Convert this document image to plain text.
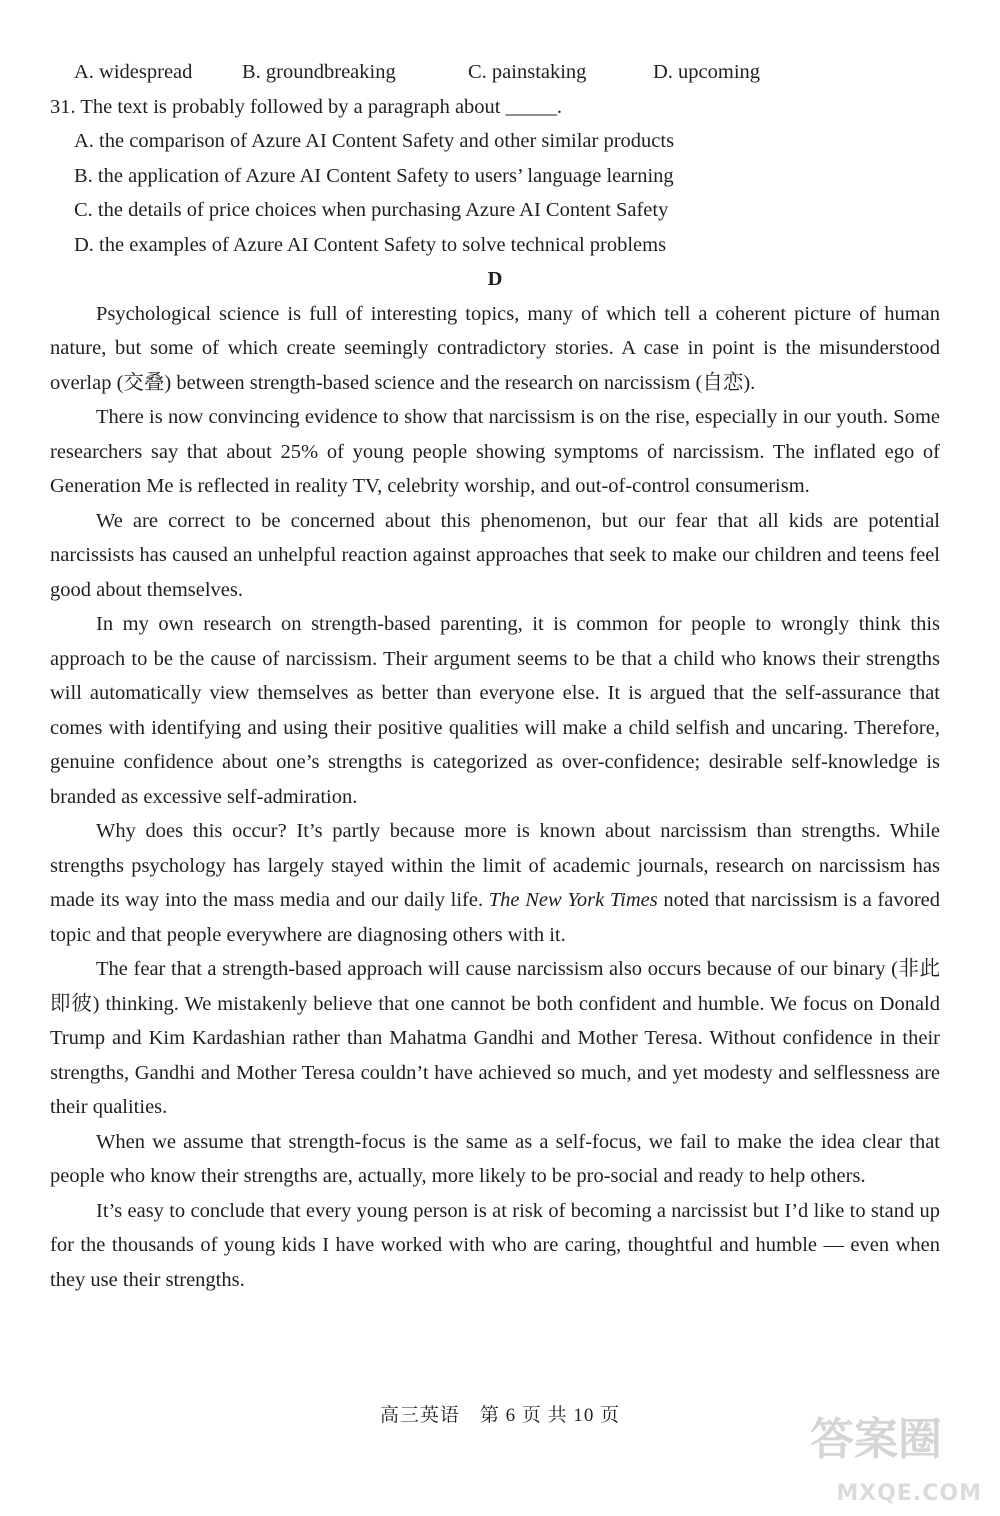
A. widespread	B. groundbreaking	C. painstaking	D. upcoming
31. The text is probably followed by a paragraph about _____.
A. the comparison of Azure AI Content Safety and other similar products
B. the application of Azure AI Content Safety to users’ language learning
C. the details of price choices when purchasing Azure AI Content Safety
D. the examples of Azure AI Content Safety to solve technical problems
D

Psychological science is full of interesting topics, many of which tell a coherent picture of human nature, but some of which create seemingly contradictory stories. A case in point is the misunderstood overlap (交叠) between strength-based science and the research on narcissism (自恋).

There is now convincing evidence to show that narcissism is on the rise, especially in our youth. Some researchers say that about 25% of young people showing symptoms of narcissism. The inflated ego of Generation Me is reflected in reality TV, celebrity worship, and out-of-control consumerism.

We are correct to be concerned about this phenomenon, but our fear that all kids are potential narcissists has caused an unhelpful reaction against approaches that seek to make our children and teens feel good about themselves.

In my own research on strength-based parenting, it is common for people to wrongly think this approach to be the cause of narcissism. Their argument seems to be that a child who knows their strengths will automatically view themselves as better than everyone else. It is argued that the self-assurance that comes with identifying and using their positive qualities will make a child selfish and uncaring. Therefore, genuine confidence about one’s strengths is categorized as over-confidence; desirable self-knowledge is branded as excessive self-admiration.

Why does this occur? It’s partly because more is known about narcissism than strengths. While strengths psychology has largely stayed within the limit of academic journals, research on narcissism has made its way into the mass media and our daily life. The New York Times noted that narcissism is a favored topic and that people everywhere are diagnosing others with it.

The fear that a strength-based approach will cause narcissism also occurs because of our binary (非此即彼) thinking. We mistakenly believe that one cannot be both confident and humble. We focus on Donald Trump and Kim Kardashian rather than Mahatma Gandhi and Mother Teresa. Without confidence in their strengths, Gandhi and Mother Teresa couldn’t have achieved so much, and yet modesty and selflessness are their qualities.

When we assume that strength-focus is the same as a self-focus, we fail to make the idea clear that people who know their strengths are, actually, more likely to be pro-social and ready to help others.

It’s easy to conclude that every young person is at risk of becoming a narcissist but I’d like to stand up for the thousands of young kids I have worked with who are caring, thoughtful and humble — even when they use their strengths.

高三英语　第 6 页 共 10 页	答案圈
MXQE.COM
